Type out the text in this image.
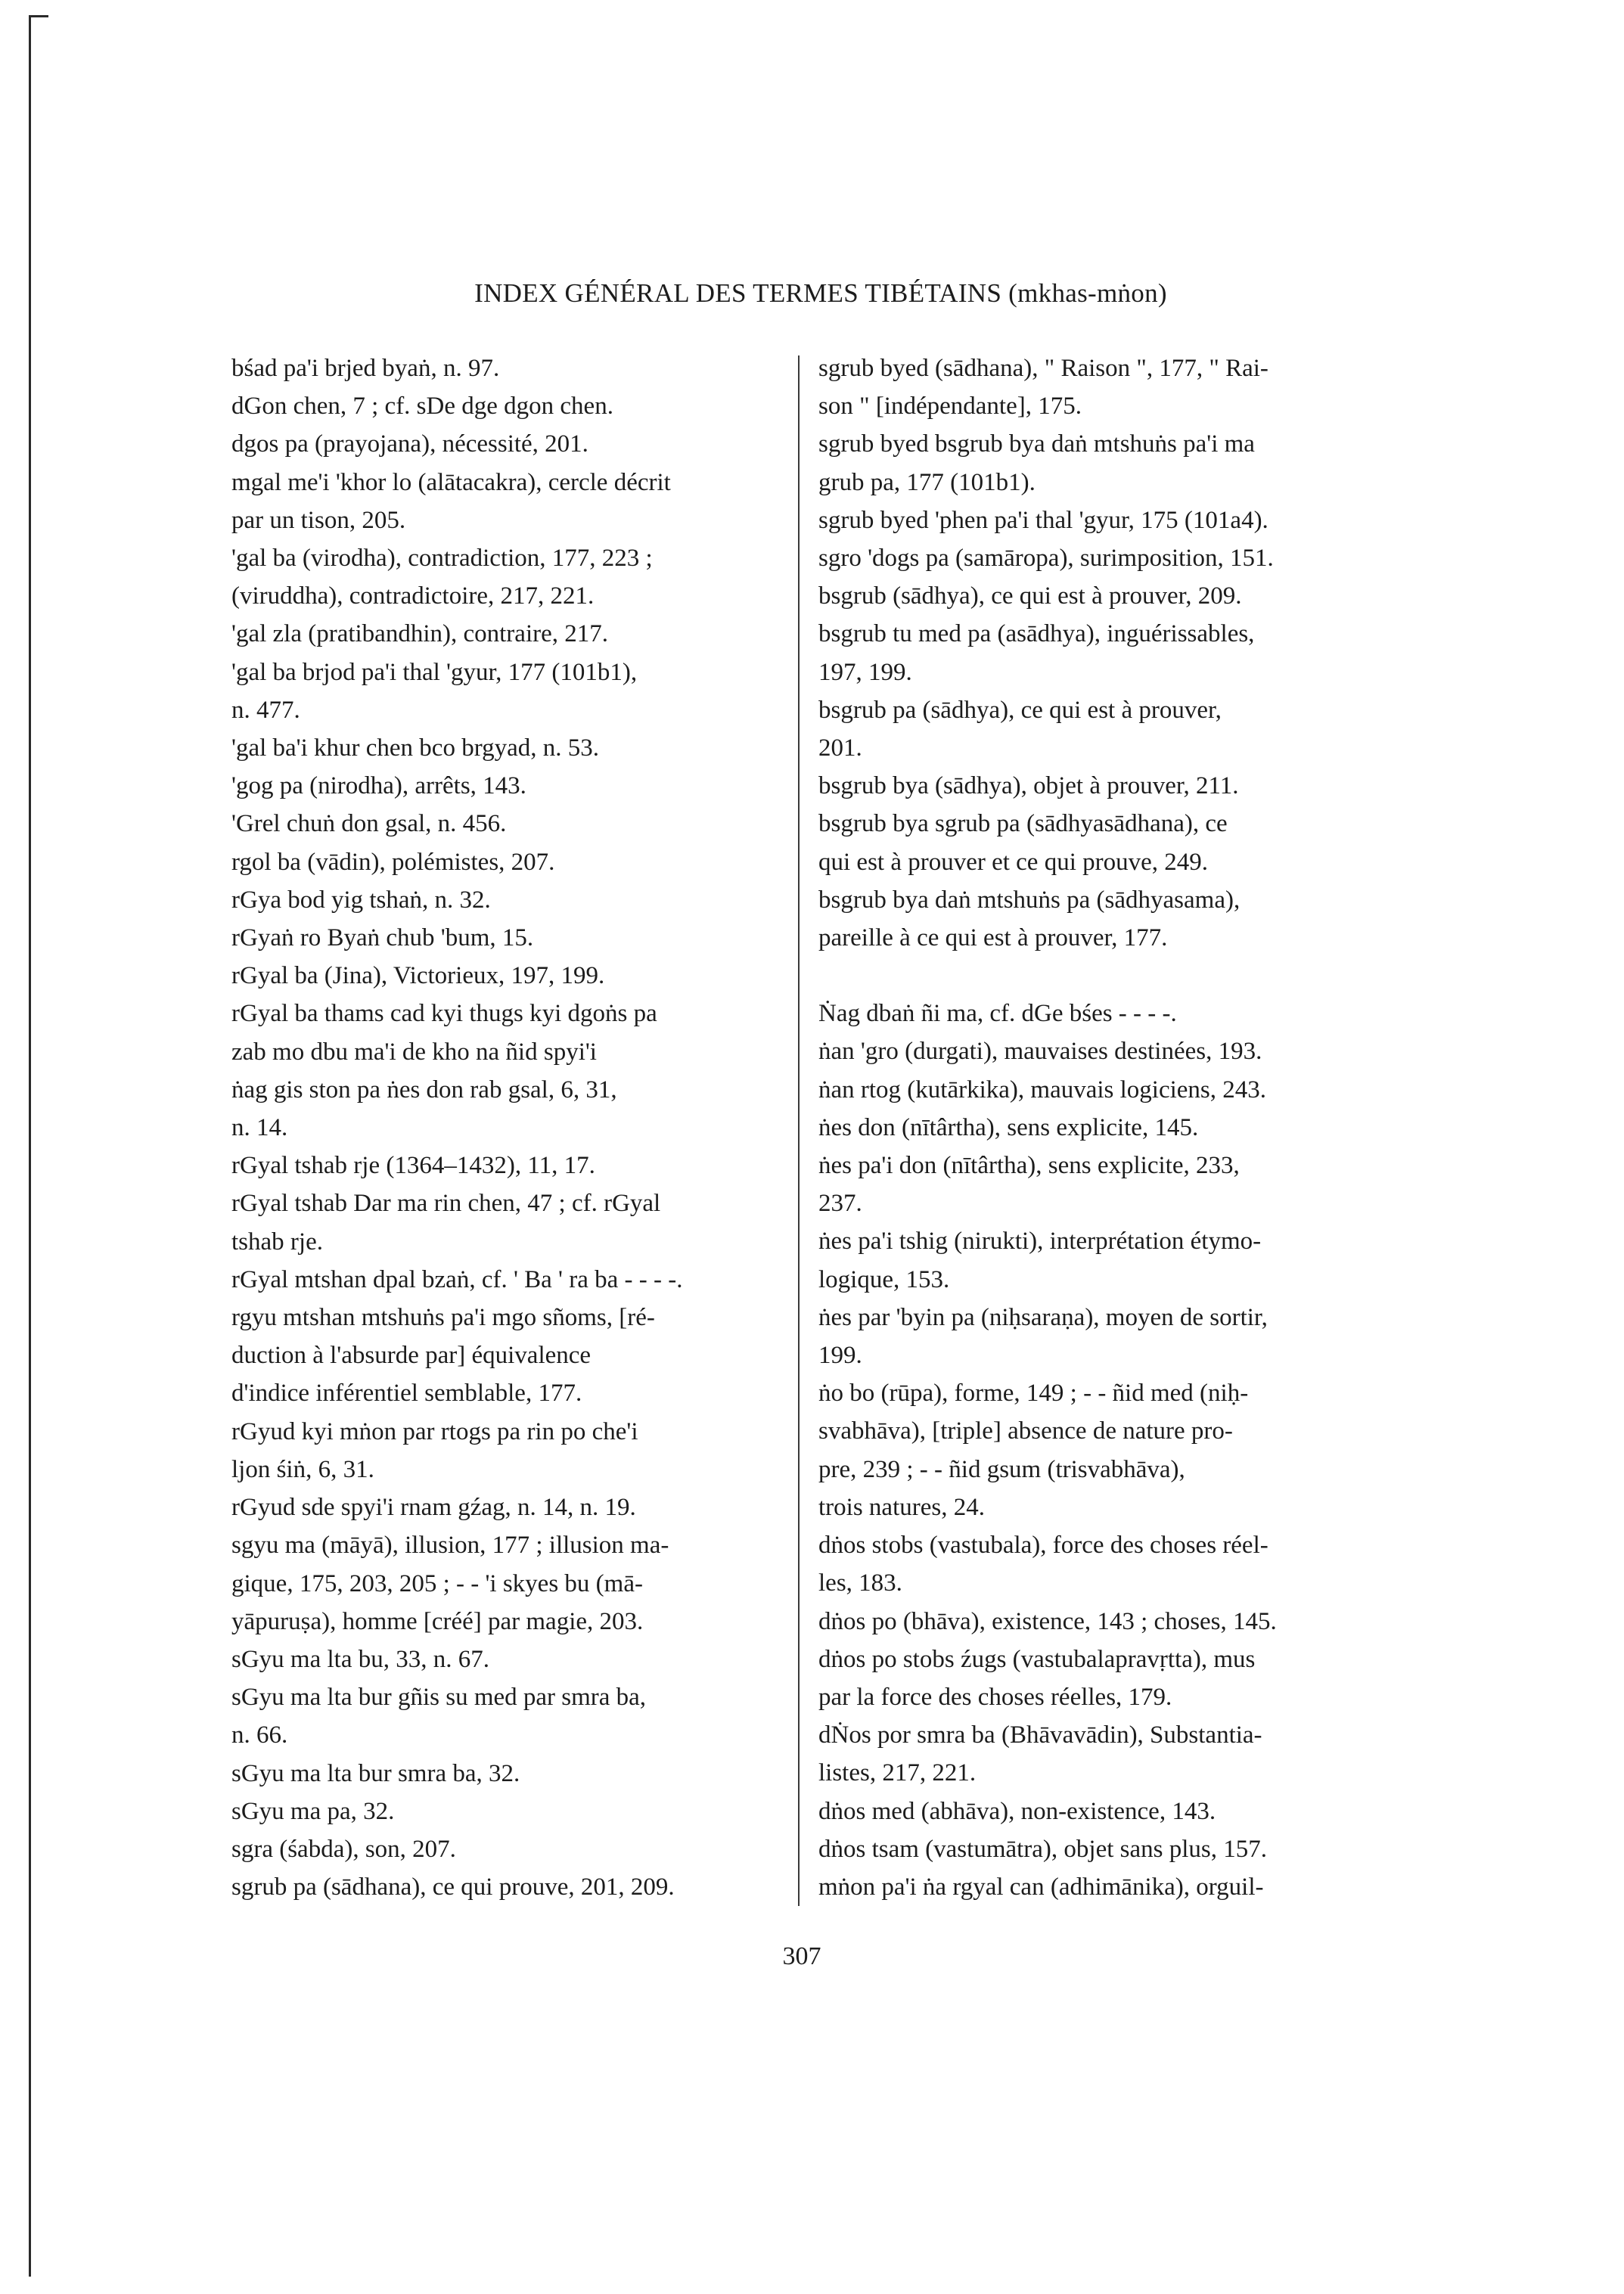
INDEX GÉNÉRAL DES TERMES TIBÉTAINS (mkhas-mṅon)
bśad pa'i brjed byaṅ, n. 97.
dGon chen, 7 ; cf. sDe dge dgon chen.
dgos pa (prayojana), nécessité, 201.
mgal me'i 'khor lo (alātacakra), cercle décrit
par un tison, 205.
'gal ba (virodha), contradiction, 177, 223 ;
(viruddha), contradictoire, 217, 221.
'gal zla (pratibandhin), contraire, 217.
'gal ba brjod pa'i thal 'gyur, 177 (101b1),
n. 477.
'gal ba'i khur chen bco brgyad, n. 53.
'gog pa (nirodha), arrêts, 143.
'Grel chuṅ don gsal, n. 456.
rgol ba (vādin), polémistes, 207.
rGya bod yig tshaṅ, n. 32.
rGyaṅ ro Byaṅ chub 'bum, 15.
rGyal ba (Jina), Victorieux, 197, 199.
rGyal ba thams cad kyi thugs kyi dgoṅs pa
zab mo dbu ma'i de kho na ñid spyi'i
ṅag gis ston pa ṅes don rab gsal, 6, 31,
n. 14.
rGyal tshab rje (1364–1432), 11, 17.
rGyal tshab Dar ma rin chen, 47 ; cf. rGyal
tshab rje.
rGyal mtshan dpal bzaṅ, cf. ' Ba ' ra ba - - - -.
rgyu mtshan mtshuṅs pa'i mgo sñoms, [ré-
duction à l'absurde par] équivalence
d'indice inférentiel semblable, 177.
rGyud kyi mṅon par rtogs pa rin po che'i
ljon śiṅ, 6, 31.
rGyud sde spyi'i rnam gźag, n. 14, n. 19.
sgyu ma (māyā), illusion, 177 ; illusion ma-
gique, 175, 203, 205 ; - - 'i skyes bu (mā-
yāpuruṣa), homme [créé] par magie, 203.
sGyu ma lta bu, 33, n. 67.
sGyu ma lta bur gñis su med par smra ba,
n. 66.
sGyu ma lta bur smra ba, 32.
sGyu ma pa, 32.
sgra (śabda), son, 207.
sgrub pa (sādhana), ce qui prouve, 201, 209.
sgrub byed (sādhana), " Raison ", 177, " Rai-
son " [indépendante], 175.
sgrub byed bsgrub bya daṅ mtshuṅs pa'i ma
grub pa, 177 (101b1).
sgrub byed 'phen pa'i thal 'gyur, 175 (101a4).
sgro 'dogs pa (samāropa), surimposition, 151.
bsgrub (sādhya), ce qui est à prouver, 209.
bsgrub tu med pa (asādhya), inguérissables,
197, 199.
bsgrub pa (sādhya), ce qui est à prouver,
201.
bsgrub bya (sādhya), objet à prouver, 211.
bsgrub bya sgrub pa (sādhyasādhana), ce
qui est à prouver et ce qui prouve, 249.
bsgrub bya daṅ mtshuṅs pa (sādhyasama),
pareille à ce qui est à prouver, 177.
Ṅag dbaṅ ñi ma, cf. dGe bśes - - - -.
ṅan 'gro (durgati), mauvaises destinées, 193.
ṅan rtog (kutārkika), mauvais logiciens, 243.
ṅes don (nītârtha), sens explicite, 145.
ṅes pa'i don (nītârtha), sens explicite, 233,
237.
ṅes pa'i tshig (nirukti), interprétation étymo-
logique, 153.
ṅes par 'byin pa (niḥsaraṇa), moyen de sortir,
199.
ṅo bo (rūpa), forme, 149 ; - - ñid med (niḥ-
svabhāva), [triple] absence de nature pro-
pre, 239 ; - - ñid gsum (trisvabhāva),
trois natures, 24.
dṅos stobs (vastubala), force des choses réel-
les, 183.
dṅos po (bhāva), existence, 143 ; choses, 145.
dṅos po stobs źugs (vastubalapravṛtta), mus
par la force des choses réelles, 179.
dṄos por smra ba (Bhāvavādin), Substantia-
listes, 217, 221.
dṅos med (abhāva), non-existence, 143.
dṅos tsam (vastumātra), objet sans plus, 157.
mṅon pa'i ṅa rgyal can (adhimānika), orguil-
307
